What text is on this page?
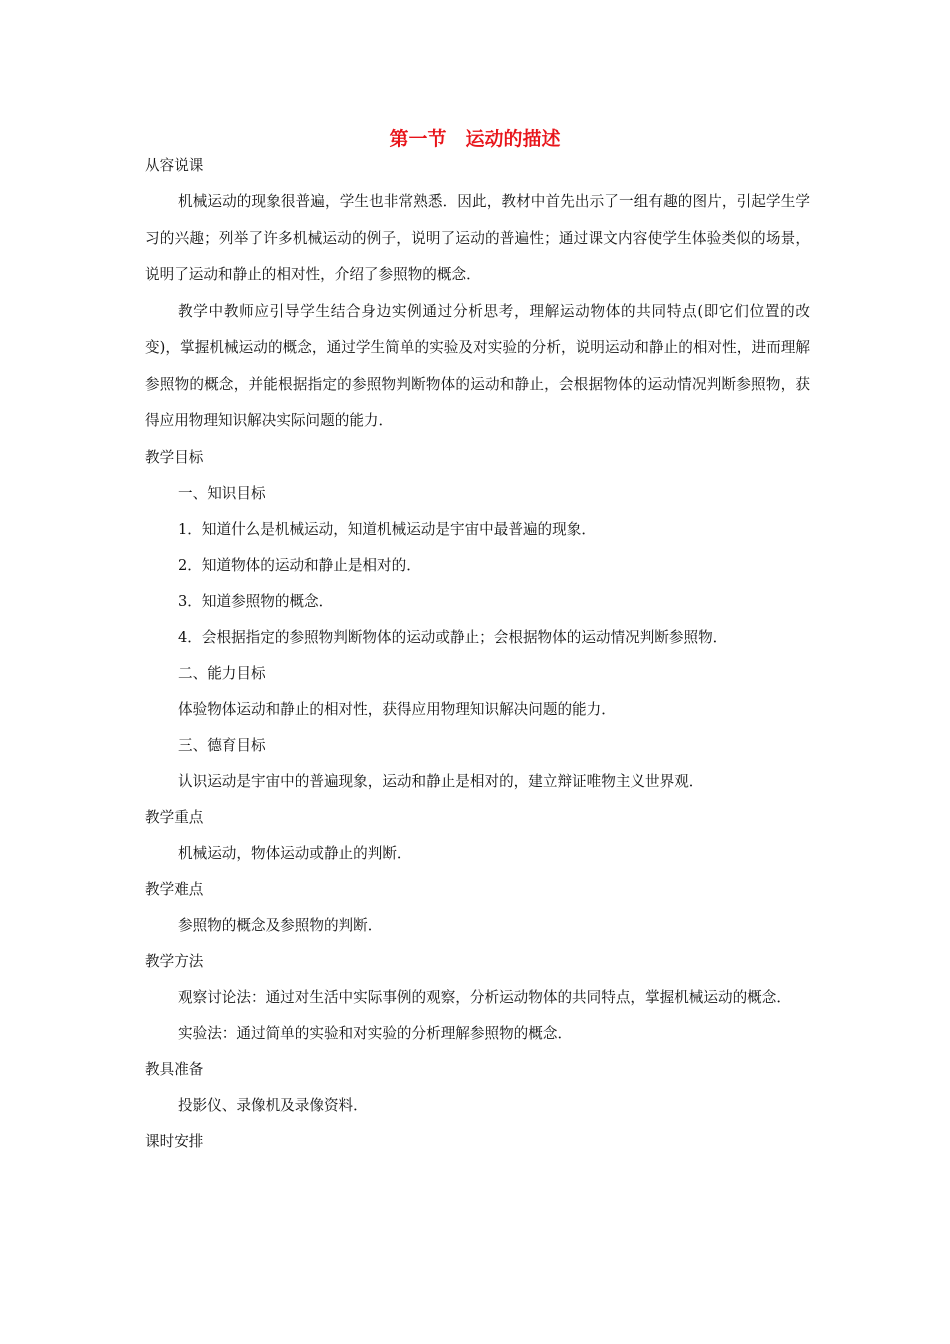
第一节　运动的描述

从容说课

机械运动的现象很普遍，学生也非常熟悉．因此，教材中首先出示了一组有趣的图片，引起学生学习的兴趣；列举了许多机械运动的例子，说明了运动的普遍性；通过课文内容使学生体验类似的场景，说明了运动和静止的相对性，介绍了参照物的概念．

教学中教师应引导学生结合身边实例通过分析思考，理解运动物体的共同特点(即它们位置的改变)，掌握机械运动的概念，通过学生简单的实验及对实验的分析，说明运动和静止的相对性，进而理解参照物的概念，并能根据指定的参照物判断物体的运动和静止，会根据物体的运动情况判断参照物，获得应用物理知识解决实际问题的能力．

教学目标

一、知识目标

1．知道什么是机械运动，知道机械运动是宇宙中最普遍的现象．

2．知道物体的运动和静止是相对的．

3．知道参照物的概念．

4．会根据指定的参照物判断物体的运动或静止；会根据物体的运动情况判断参照物．

二、能力目标

体验物体运动和静止的相对性，获得应用物理知识解决问题的能力．

三、德育目标

认识运动是宇宙中的普遍现象，运动和静止是相对的，建立辩证唯物主义世界观．

教学重点

机械运动，物体运动或静止的判断．

教学难点

参照物的概念及参照物的判断．

教学方法

观察讨论法：通过对生活中实际事例的观察，分析运动物体的共同特点，掌握机械运动的概念．

实验法：通过简单的实验和对实验的分析理解参照物的概念．

教具准备

投影仪、录像机及录像资料．

课时安排
